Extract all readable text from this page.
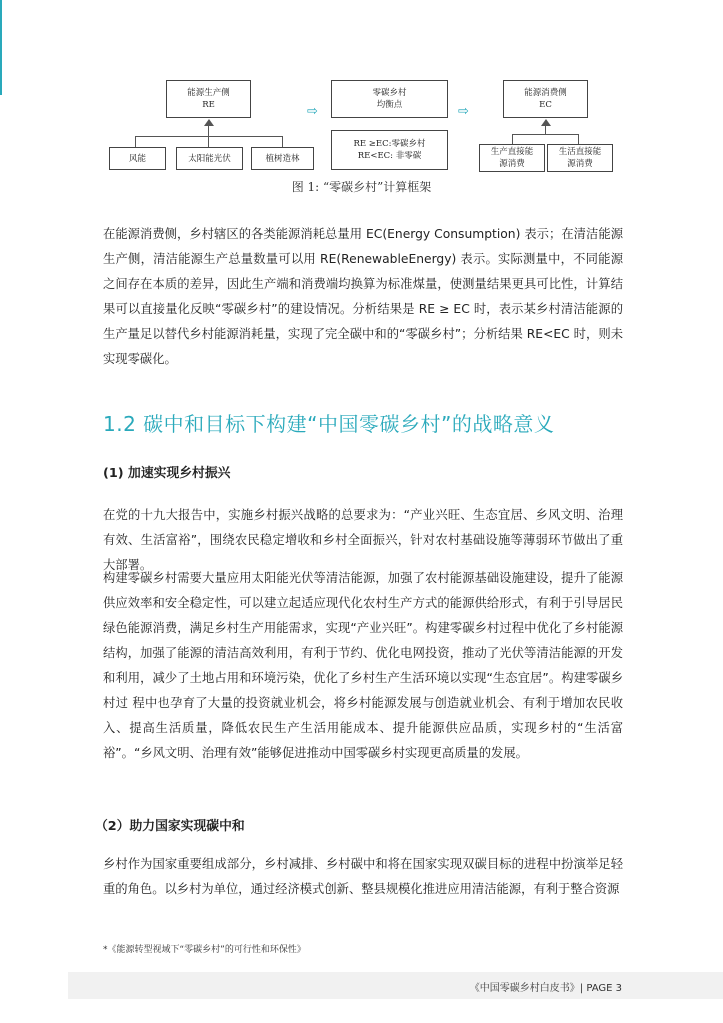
能源生产侧
RE
风能	太阳能光伏	植树造林
⇨	⇨
零碳乡村
均衡点
RE ≥EC:零碳乡村
RE<EC: 非零碳
能源消费侧
EC
生产直接能
源消费
生活直接能
源消费
图 1: “零碳乡村”计算框架

在能源消费侧，乡村辖区的各类能源消耗总量用 EC(Energy Consumption) 表示；在清洁能源生产侧，清洁能源生产总量数量可以用 RE(RenewableEnergy) 表示。实际测量中，不同能源之间存在本质的差异，因此生产端和消费端均换算为标准煤量，使测量结果更具可比性，计算结果可以直接量化反映“零碳乡村”的建设情况。分析结果是 RE ≥ EC 时，表示某乡村清洁能源的生产量足以替代乡村能源消耗量，实现了完全碳中和的“零碳乡村”；分析结果 RE<EC 时，则未实现零碳化。

1.2 碳中和目标下构建“中国零碳乡村”的战略意义
(1) 加速实现乡村振兴

在党的十九大报告中，实施乡村振兴战略的总要求为：“产业兴旺、生态宜居、乡风文明、治理有效、生活富裕”，围绕农民稳定增收和乡村全面振兴，针对农村基础设施等薄弱环节做出了重大部署。

构建零碳乡村需要大量应用太阳能光伏等清洁能源，加强了农村能源基础设施建设，提升了能源供应效率和安全稳定性，可以建立起适应现代化农村生产方式的能源供给形式，有利于引导居民绿色能源消费，满足乡村生产用能需求，实现“产业兴旺”。构建零碳乡村过程中优化了乡村能源结构，加强了能源的清洁高效利用，有利于节约、优化电网投资，推动了光伏等清洁能源的开发和利用，减少了土地占用和环境污染，优化了乡村生产生活环境以实现“生态宜居”。构建零碳乡村过 程中也孕育了大量的投资就业机会，将乡村能源发展与创造就业机会、有利于增加农民收入、提高生活质量，降低农民生产生活用能成本、提升能源供应品质，实现乡村的“生活富裕”。“乡风文明、治理有效”能够促进推动中国零碳乡村实现更高质量的发展。

（2）助力国家实现碳中和

乡村作为国家重要组成部分，乡村减排、乡村碳中和将在国家实现双碳目标的进程中扮演举足轻重的角色。以乡村为单位，通过经济模式创新、整县规模化推进应用清洁能源，有利于整合资源

*《能源转型视域下“零碳乡村”的可行性和环保性》
《中国零碳乡村白皮书》| PAGE 3
